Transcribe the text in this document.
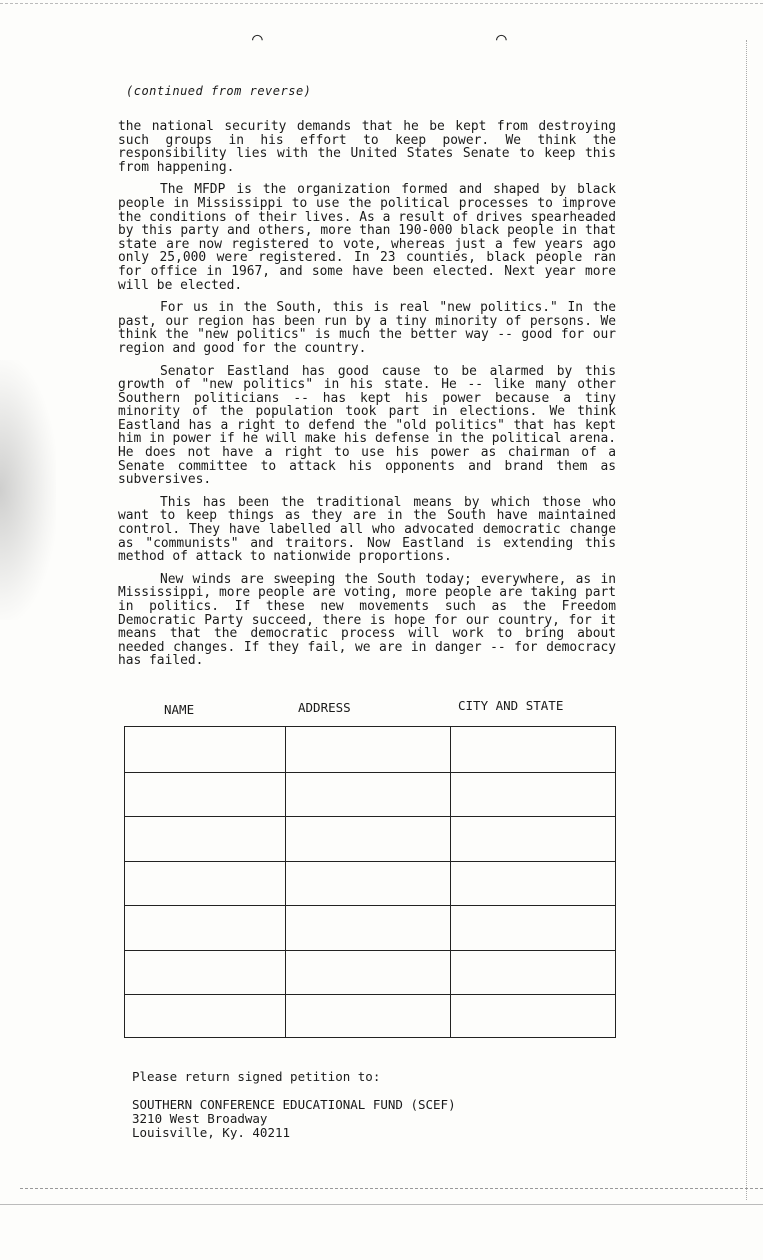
⌒	⌒
(continued from reverse)

the national security demands that he be kept from destroying such groups in his effort to keep power. We think the responsibility lies with the United States Senate to keep this from happening.

The MFDP is the organization formed and shaped by black people in Mississippi to use the political processes to improve the conditions of their lives. As a result of drives spearheaded by this party and others, more than 190-000 black people in that state are now registered to vote, whereas just a few years ago only 25,000 were registered. In 23 counties, black people ran for office in 1967, and some have been elected. Next year more will be elected.

For us in the South, this is real "new politics." In the past, our region has been run by a tiny minority of persons. We think the "new politics" is much the better way -- good for our region and good for the country.

Senator Eastland has good cause to be alarmed by this growth of "new politics" in his state. He -- like many other Southern politicians -- has kept his power because a tiny minority of the population took part in elections. We think Eastland has a right to defend the "old politics" that has kept him in power if he will make his defense in the political arena. He does not have a right to use his power as chairman of a Senate committee to attack his opponents and brand them as subversives.

This has been the traditional means by which those who want to keep things as they are in the South have maintained control. They have labelled all who advocated democratic change as "communists" and traitors. Now Eastland is extending this method of attack to nationwide proportions.

New winds are sweeping the South today; everywhere, as in Mississippi, more people are voting, more people are taking part in politics. If these new movements such as the Freedom Democratic Party succeed, there is hope for our country, for it means that the democratic process will work to bring about needed changes. If they fail, we are in danger -- for democracy has failed.

NAME	ADDRESS	CITY AND STATE
Please return signed petition to:
SOUTHERN CONFERENCE EDUCATIONAL FUND (SCEF)
3210 West Broadway
Louisville, Ky. 40211
